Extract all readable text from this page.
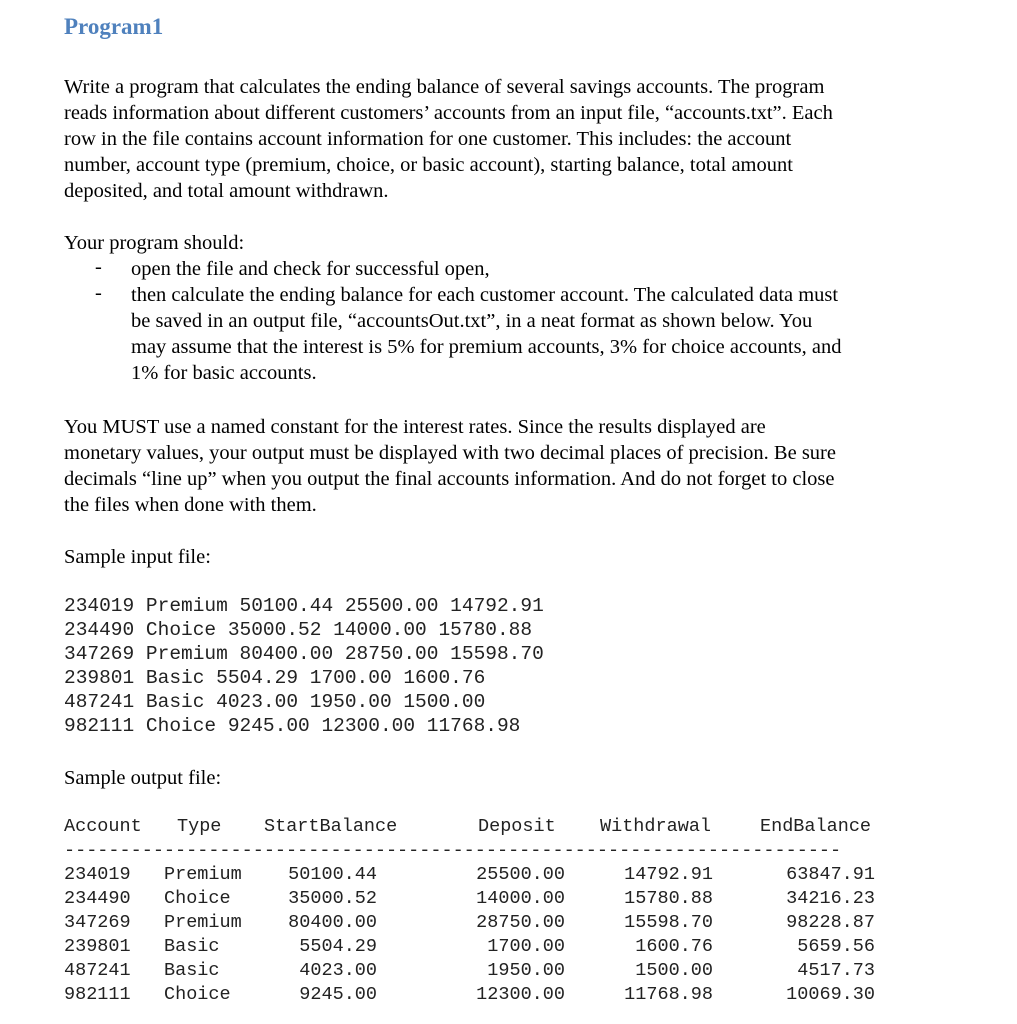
Program1
Write a program that calculates the ending balance of several savings accounts. The program
reads information about different customers’ accounts from an input file, “accounts.txt”. Each
row in the file contains account information for one customer. This includes: the account
number, account type (premium, choice, or basic account), starting balance, total amount
deposited, and total amount withdrawn.
Your program should:
- open the file and check for successful open,
- then calculate the ending balance for each customer account. The calculated data must
be saved in an output file, “accountsOut.txt”, in a neat format as shown below. You
may assume that the interest is 5% for premium accounts, 3% for choice accounts, and
1% for basic accounts.
You MUST use a named constant for the interest rates. Since the results displayed are
monetary values, your output must be displayed with two decimal places of precision. Be sure
decimals “line up” when you output the final accounts information. And do not forget to close
the files when done with them.
Sample input file:
234019 Premium 50100.44 25500.00 14792.91
234490 Choice 35000.52 14000.00 15780.88
347269 Premium 80400.00 28750.00 15598.70
239801 Basic 5504.29 1700.00 1600.76
487241 Basic 4023.00 1950.00 1500.00
982111 Choice 9245.00 12300.00 11768.98
Sample output file:
Account Type StartBalance	Deposit Withdrawal	EndBalance
----------------------------------------------------------------------
234019 Premium	50100.44	25500.00	14792.91	63847.91
234490 Choice	35000.52	14000.00	15780.88	34216.23
347269 Premium	80400.00	28750.00	15598.70	98228.87
239801 Basic	5504.29	1700.00	1600.76	5659.56
487241 Basic	4023.00	1950.00	1500.00	4517.73
982111 Choice	9245.00	12300.00	11768.98	10069.30
